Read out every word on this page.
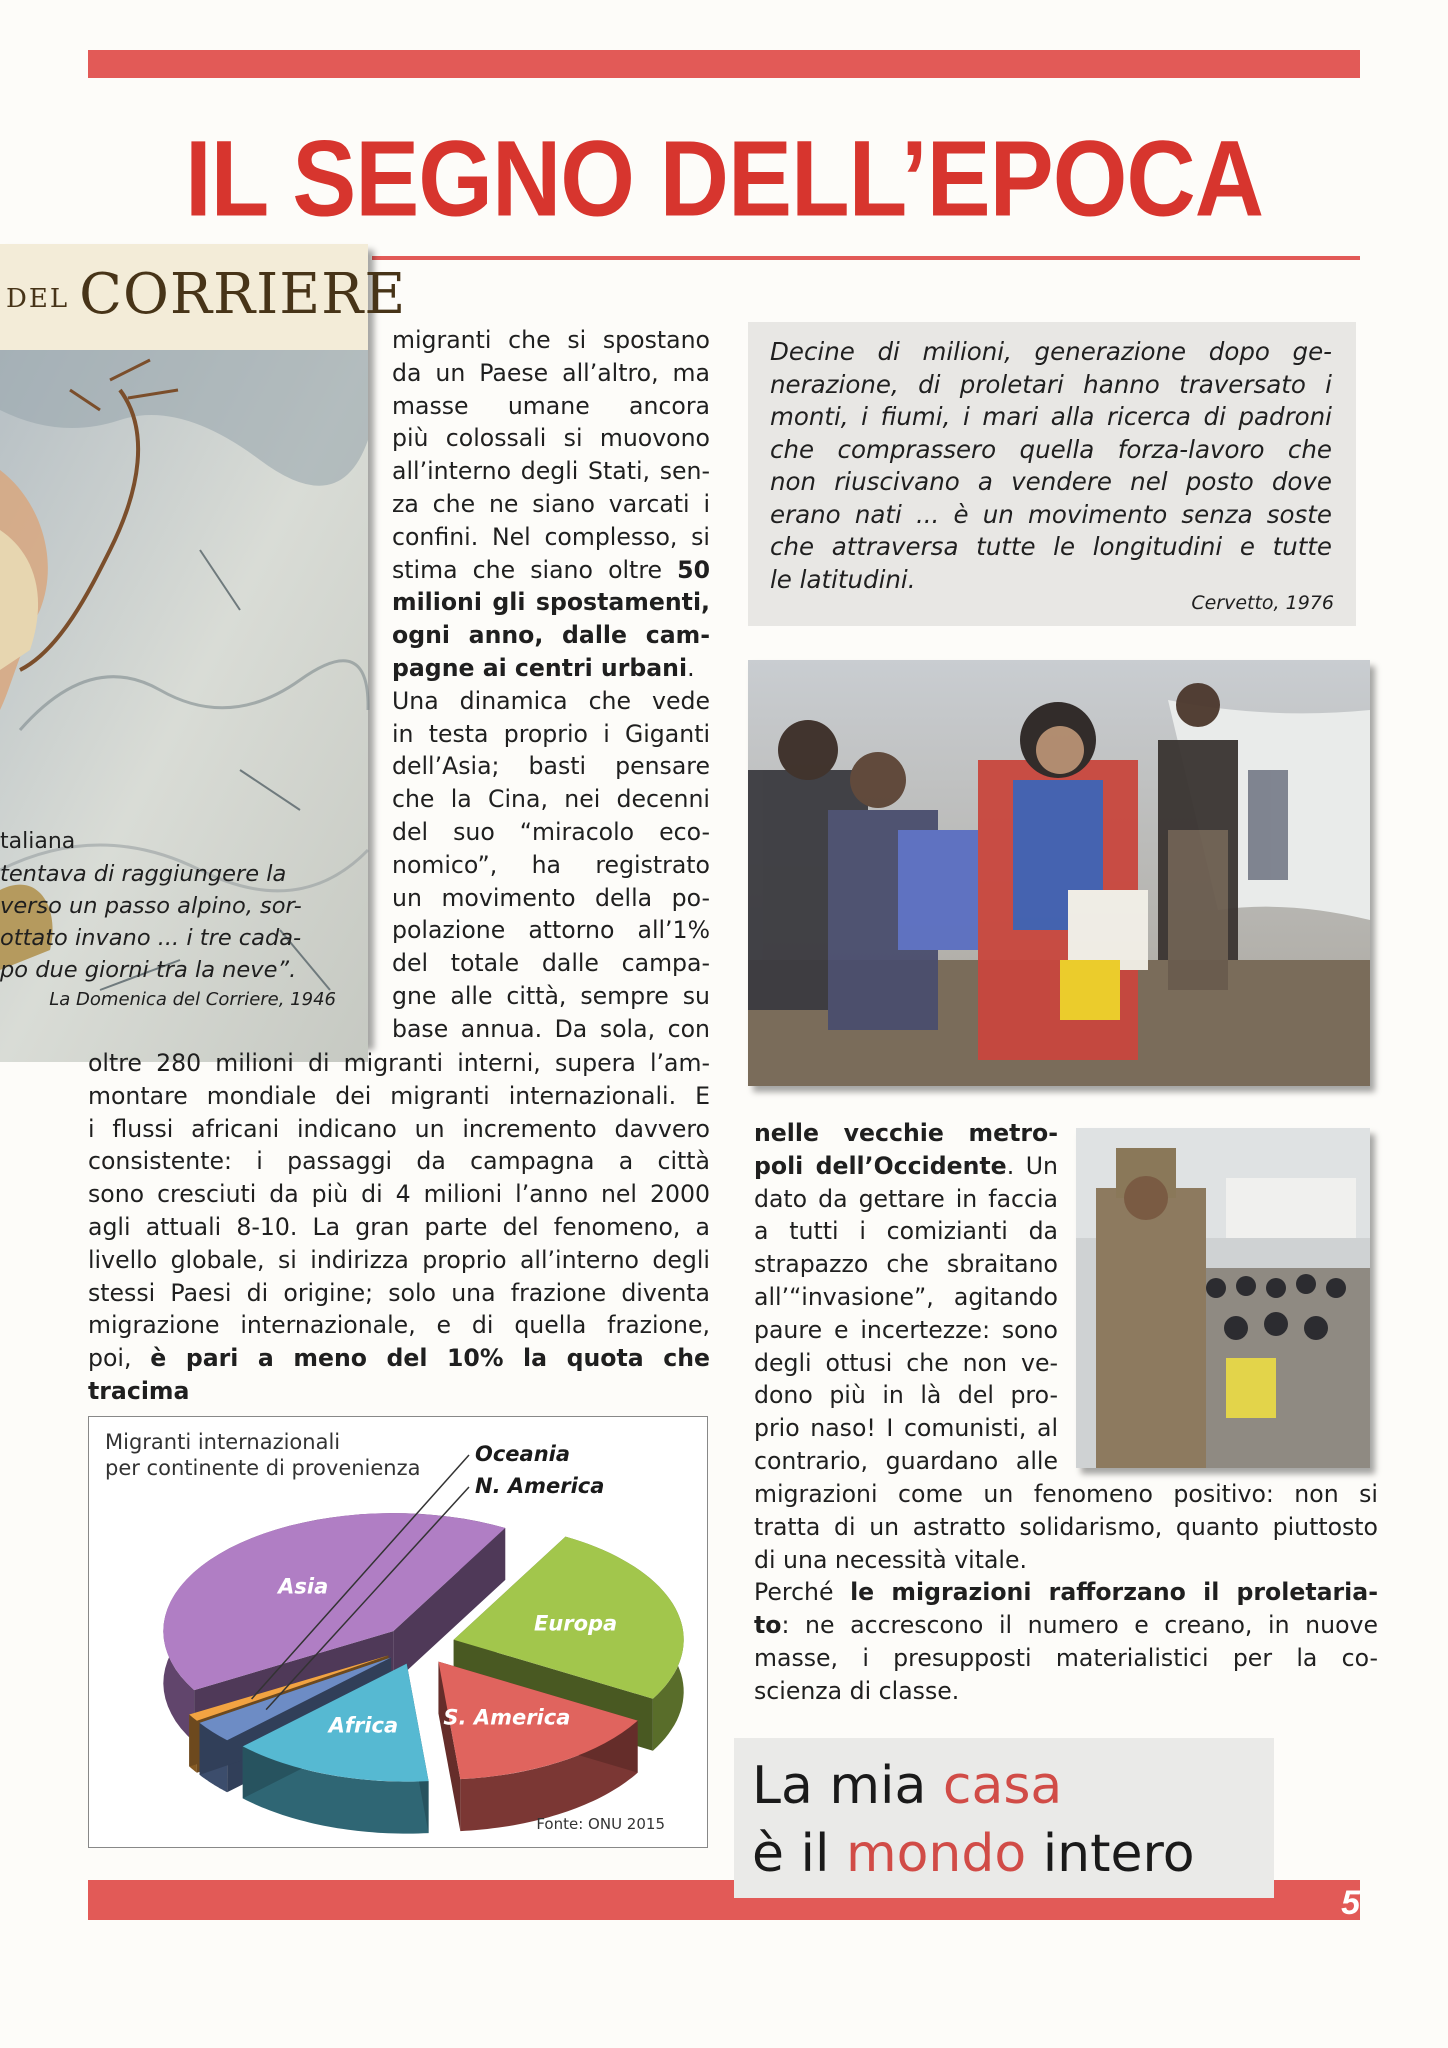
IL SEGNO DELL’EPOCA
DEL CORRIERE
taliana
tentava di raggiungere la
verso un passo alpino, sor-
ottato invano ... i tre cada-
po due giorni tra la neve”.
La Domenica del Corriere, 1946
migranti che si spostano
da un Paese all’altro, ma
masse umane ancora
più colossali si muovono
all’interno degli Stati, sen-
za che ne siano varcati i
confini. Nel complesso, si
stima che siano oltre 50
milioni gli spostamenti,
ogni anno, dalle cam-
pagne ai centri urbani.
Una dinamica che vede
in testa proprio i Giganti
dell’Asia; basti pensare
che la Cina, nei decenni
del suo “miracolo eco-
nomico”, ha registrato
un movimento della po-
polazione attorno all’1%
del totale dalle campa-
gne alle città, sempre su
base annua. Da sola, con
oltre 280 milioni di migranti interni, supera l’am-
montare mondiale dei migranti internazionali. E
i flussi africani indicano un incremento davvero
consistente: i passaggi da campagna a città
sono cresciuti da più di 4 milioni l’anno nel 2000
agli attuali 8-10. La gran parte del fenomeno, a
livello globale, si indirizza proprio all’interno degli
stessi Paesi di origine; solo una frazione diventa
migrazione internazionale, e di quella frazione,
poi, è pari a meno del 10% la quota che tracima
Decine di milioni, generazione dopo ge-
nerazione, di proletari hanno traversato i
monti, i fiumi, i mari alla ricerca di padroni
che comprassero quella forza-lavoro che
non riuscivano a vendere nel posto dove
erano nati ... è un movimento senza soste
che attraversa tutte le longitudini e tutte
le latitudini.
Cervetto, 1976
nelle vecchie metro-
poli dell’Occidente. Un
dato da gettare in faccia
a tutti i comizianti da
strapazzo che sbraitano
all’“invasione”, agitando
paure e incertezze: sono
degli ottusi che non ve-
dono più in là del pro-
prio naso! I comunisti, al
contrario, guardano alle
migrazioni come un fenomeno positivo: non si
tratta di un astratto solidarismo, quanto piuttosto
di una necessità vitale.
Perché le migrazioni rafforzano il proletaria-
to: ne accrescono il numero e creano, in nuove
masse, i presupposti materialistici per la co-
scienza di classe.
Migranti internazionali
per continente di provenienza
Asia
Europa
S. America
Africa
N. America
Oceania
Fonte: ONU 2015
La mia casa
è il mondo intero
5
